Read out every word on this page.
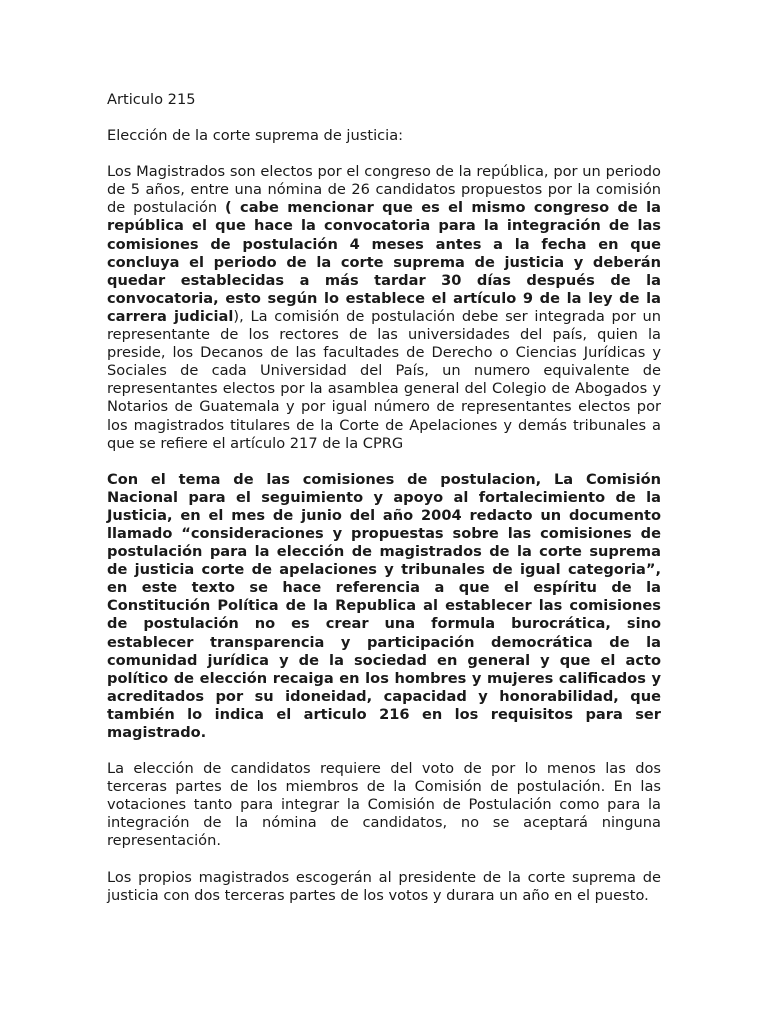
Articulo 215

Elección de la corte suprema de justicia:

Los Magistrados son electos por el congreso de la república, por un periodo de 5 años, entre una nómina de 26 candidatos propuestos por la comisión de postulación ( cabe mencionar que es el mismo congreso de la república el que hace la convocatoria para la integración de las comisiones de postulación 4 meses antes a la fecha en que concluya el periodo de la corte suprema de justicia y deberán quedar establecidas a más tardar 30 días después de la convocatoria, esto según lo establece el artículo 9 de la ley de la carrera judicial), La comisión de postulación debe ser integrada por un representante de los rectores de las universidades del país, quien la preside, los Decanos de las facultades de Derecho o Ciencias Jurídicas y Sociales de cada Universidad del País, un numero equivalente de representantes electos por la asamblea general del Colegio de Abogados y Notarios de Guatemala y por igual número de representantes electos por los magistrados titulares de la Corte de Apelaciones y demás tribunales a que se refiere el artículo 217 de la CPRG

Con el tema de las comisiones de postulacion, La Comisión Nacional para el seguimiento y apoyo al fortalecimiento de la Justicia, en el mes de junio del año 2004 redacto un documento llamado “consideraciones y propuestas sobre las comisiones de postulación para la elección de magistrados de la corte suprema de justicia corte de apelaciones y tribunales de igual categoria”, en este texto se hace referencia a que el espíritu de la Constitución Política de la Republica al establecer las comisiones de postulación no es crear una formula burocrática, sino establecer transparencia y participación democrática de la comunidad jurídica y de la sociedad en general y que el acto político de elección recaiga en los hombres y mujeres calificados y acreditados por su idoneidad, capacidad y honorabilidad, que también lo indica el articulo 216 en los requisitos para ser magistrado.

La elección de candidatos requiere del voto de por lo menos las dos terceras partes de los miembros de la Comisión de postulación. En las votaciones tanto para integrar la Comisión de Postulación como para la integración de la nómina de candidatos, no se aceptará ninguna representación.

Los propios magistrados escogerán al presidente de la corte suprema de justicia con dos terceras partes de los votos y durara un año en el puesto.
